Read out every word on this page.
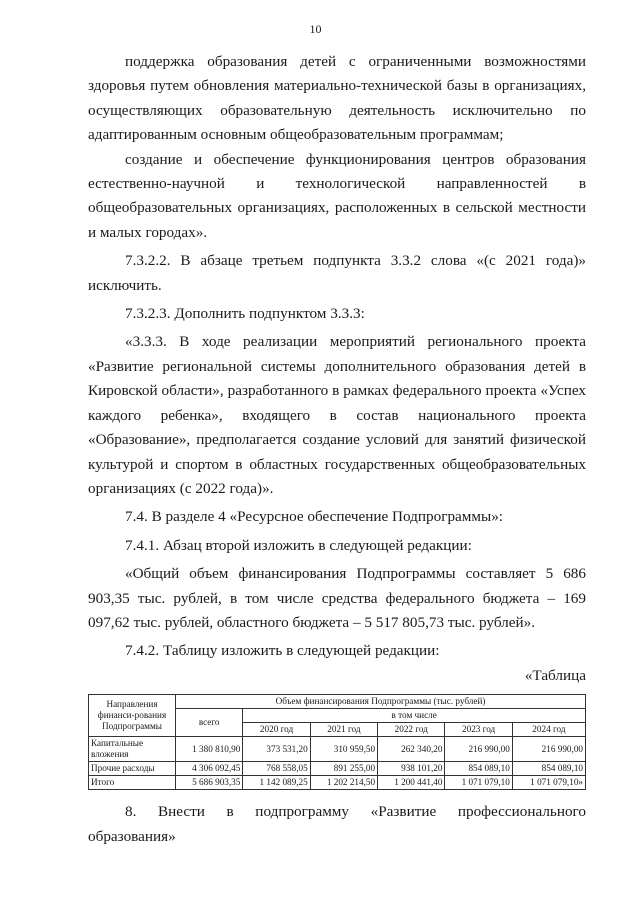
10

поддержка образования детей с ограниченными возможностями здоровья путем обновления материально-технической базы в организациях, осуществляющих образовательную деятельность исключительно по адаптированным основным общеобразовательным программам;

создание и обеспечение функционирования центров образования естественно-научной и технологической направленностей в общеобразовательных организациях, расположенных в сельской местности и малых городах».

7.3.2.2. В абзаце третьем подпункта 3.3.2 слова «(с 2021 года)» исключить.

7.3.2.3. Дополнить подпунктом 3.3.3:

«3.3.3. В ходе реализации мероприятий регионального проекта «Развитие региональной системы дополнительного образования детей в Кировской области», разработанного в рамках федерального проекта «Успех каждого ребенка», входящего в состав национального проекта «Образование», предполагается создание условий для занятий физической культурой и спортом в областных государственных общеобразовательных организациях (с 2022 года)».

7.4. В разделе 4 «Ресурсное обеспечение Подпрограммы»:

7.4.1. Абзац второй изложить в следующей редакции:

«Общий объем финансирования Подпрограммы составляет 5 686 903,35 тыс. рублей, в том числе средства федерального бюджета – 169 097,62 тыс. рублей, областного бюджета – 5 517 805,73 тыс. рублей».

7.4.2. Таблицу изложить в следующей редакции:

«Таблица

Направления финанси-рования Подпрограммы	Объем финансирования Подпрограммы (тыс. рублей)					
	всего	в том числе				
		2020 год	2021 год	2022 год	2023 год	2024 год
Капитальные вложения	1 380 810,90	373 531,20	310 959,50	262 340,20	216 990,00	216 990,00
Прочие расходы	4 306 092,45	768 558,05	891 255,00	938 101,20	854 089,10	854 089,10
Итого	5 686 903,35	1 142 089,25	1 202 214,50	1 200 441,40	1 071 079,10	1 071 079,10»

8. Внести в подпрограмму «Развитие профессионального образования»
